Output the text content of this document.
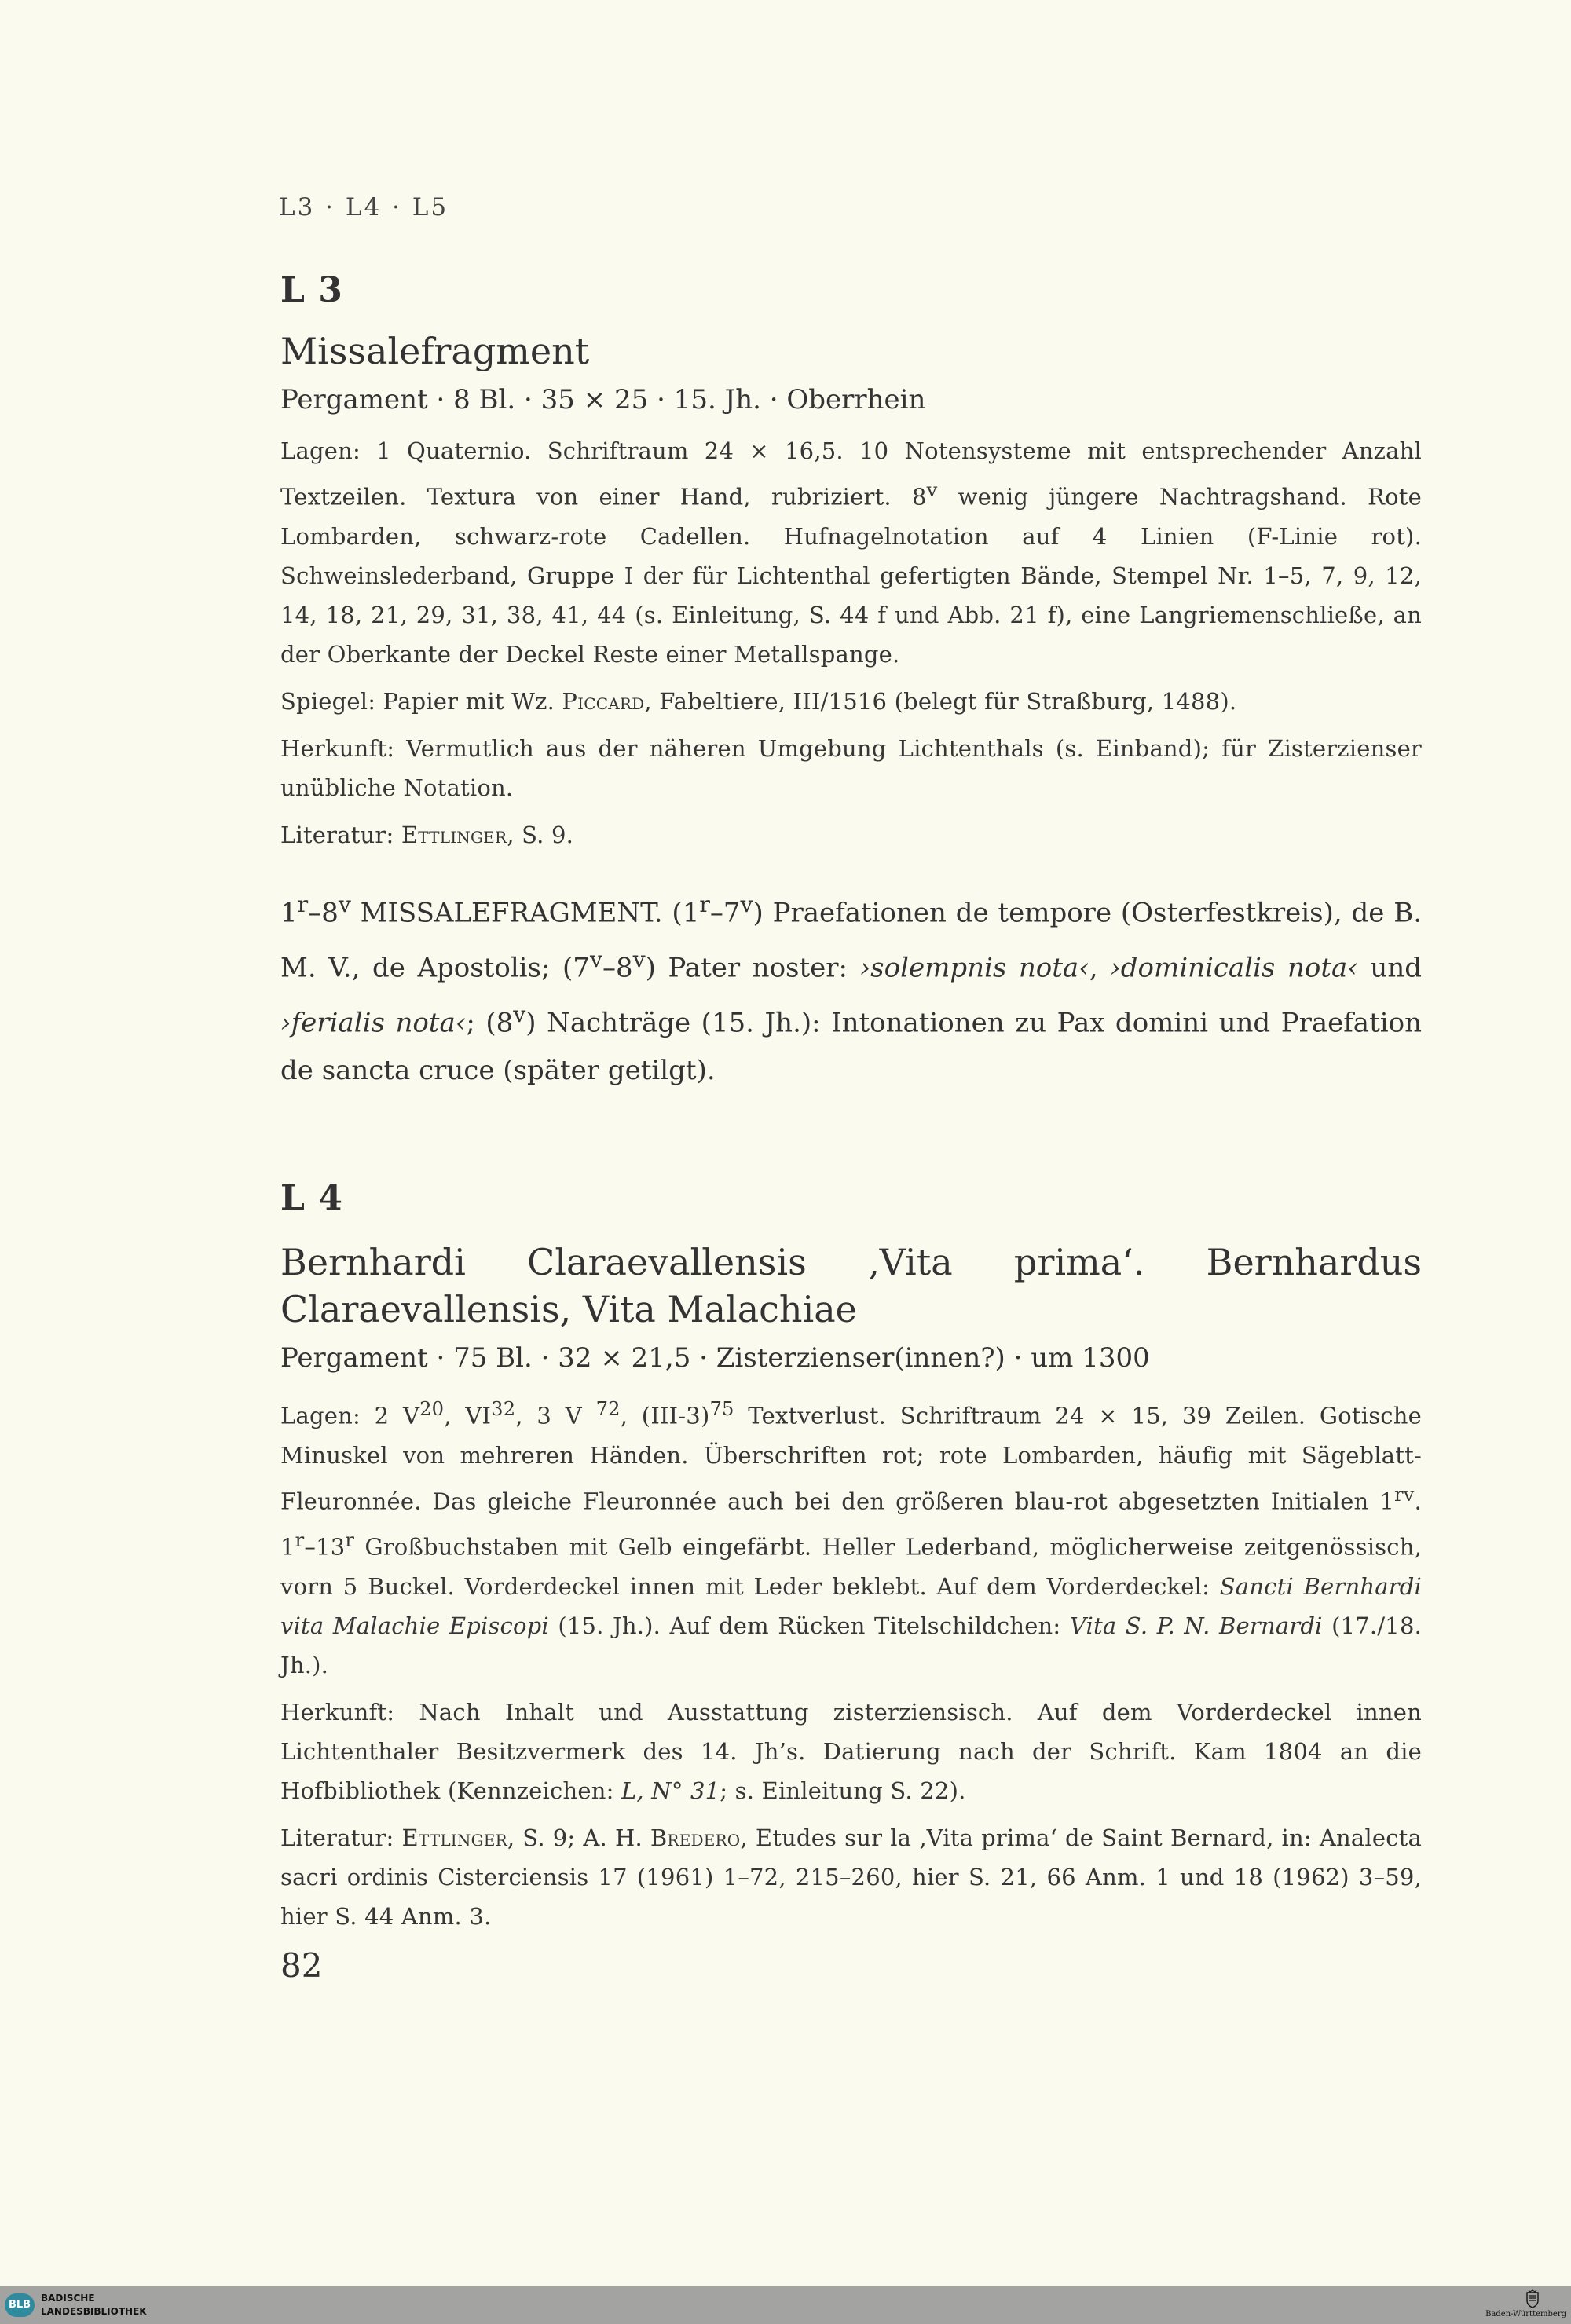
L3 · L4 · L5
L 3
Missalefragment

Pergament · 8 Bl. · 35 × 25 · 15. Jh. · Oberrhein

Lagen: 1 Quaternio. Schriftraum 24 × 16,5. 10 Notensysteme mit entsprechender Anzahl Textzeilen. Textura von einer Hand, rubriziert. 8$^v$ wenig jüngere Nachtragshand. Rote Lombarden, schwarz-rote Cadellen. Hufnagelnotation auf 4 Linien (F-Linie rot). Schweinslederband, Gruppe I der für Lichtenthal gefertigten Bände, Stempel Nr. 1–5, 7, 9, 12, 14, 18, 21, 29, 31, 38, 41, 44 (s. Einleitung, S. 44 f und Abb. 21 f), eine Langriemenschließe, an der Oberkante der Deckel Reste einer Metallspange.

Spiegel: Papier mit Wz. Piccard, Fabeltiere, III/1516 (belegt für Straßburg, 1488).

Herkunft: Vermutlich aus der näheren Umgebung Lichtenthals (s. Einband); für Zisterzienser unübliche Notation.

Literatur: Ettlinger, S. 9.

1$^r$–8$^v$ MISSALEFRAGMENT. (1$^r$–7$^v$) Praefationen de tempore (Osterfestkreis), de B. M. V., de Apostolis; (7$^v$–8$^v$) Pater noster: ›solempnis nota‹, ›dominicalis nota‹ und ›ferialis nota‹; (8$^v$) Nachträge (15. Jh.): Intonationen zu Pax domini und Praefation de sancta cruce (später getilgt).

L 4
Bernhardi Claraevallensis ‚Vita prima‘. Bernhardus Claraevallensis, Vita Malachiae

Pergament · 75 Bl. · 32 × 21,5 · Zisterzienser(innen?) · um 1300

Lagen: 2 $V^{20}$, VI$^{32}$, 3 V $^{72}$, $(III-3)^{75}$ Textverlust. Schriftraum 24 × 15, 39 Zeilen. Gotische Minuskel von mehreren Händen. Überschriften rot; rote Lombarden, häufig mit Sägeblatt-Fleuronnée. Das gleiche Fleuronnée auch bei den größeren blau-rot abgesetzten Initialen $1^{rv}$. 1$^r$–13$^r$ Großbuchstaben mit Gelb eingefärbt. Heller Lederband, möglicherweise zeitgenössisch, vorn 5 Buckel. Vorderdeckel innen mit Leder beklebt. Auf dem Vorderdeckel: Sancti Bernhardi vita Malachie Episcopi (15. Jh.). Auf dem Rücken Titelschildchen: Vita S. P. N. Bernardi (17./18. Jh.).

Herkunft: Nach Inhalt und Ausstattung zisterziensisch. Auf dem Vorderdeckel innen Lichtenthaler Besitzvermerk des 14. Jh’s. Datierung nach der Schrift. Kam 1804 an die Hofbibliothek (Kennzeichen: L, N° 31; s. Einleitung S. 22).

Literatur: Ettlinger, S. 9; A. H. Bredero, Etudes sur la ‚Vita prima‘ de Saint Bernard, in: Analecta sacri ordinis Cisterciensis 17 (1961) 1–72, 215–260, hier S. 21, 66 Anm. 1 und 18 (1962) 3–59, hier S. 44 Anm. 3.

82
BLB
BADISCHE
LANDESBIBLIOTHEK	Baden-Württemberg
